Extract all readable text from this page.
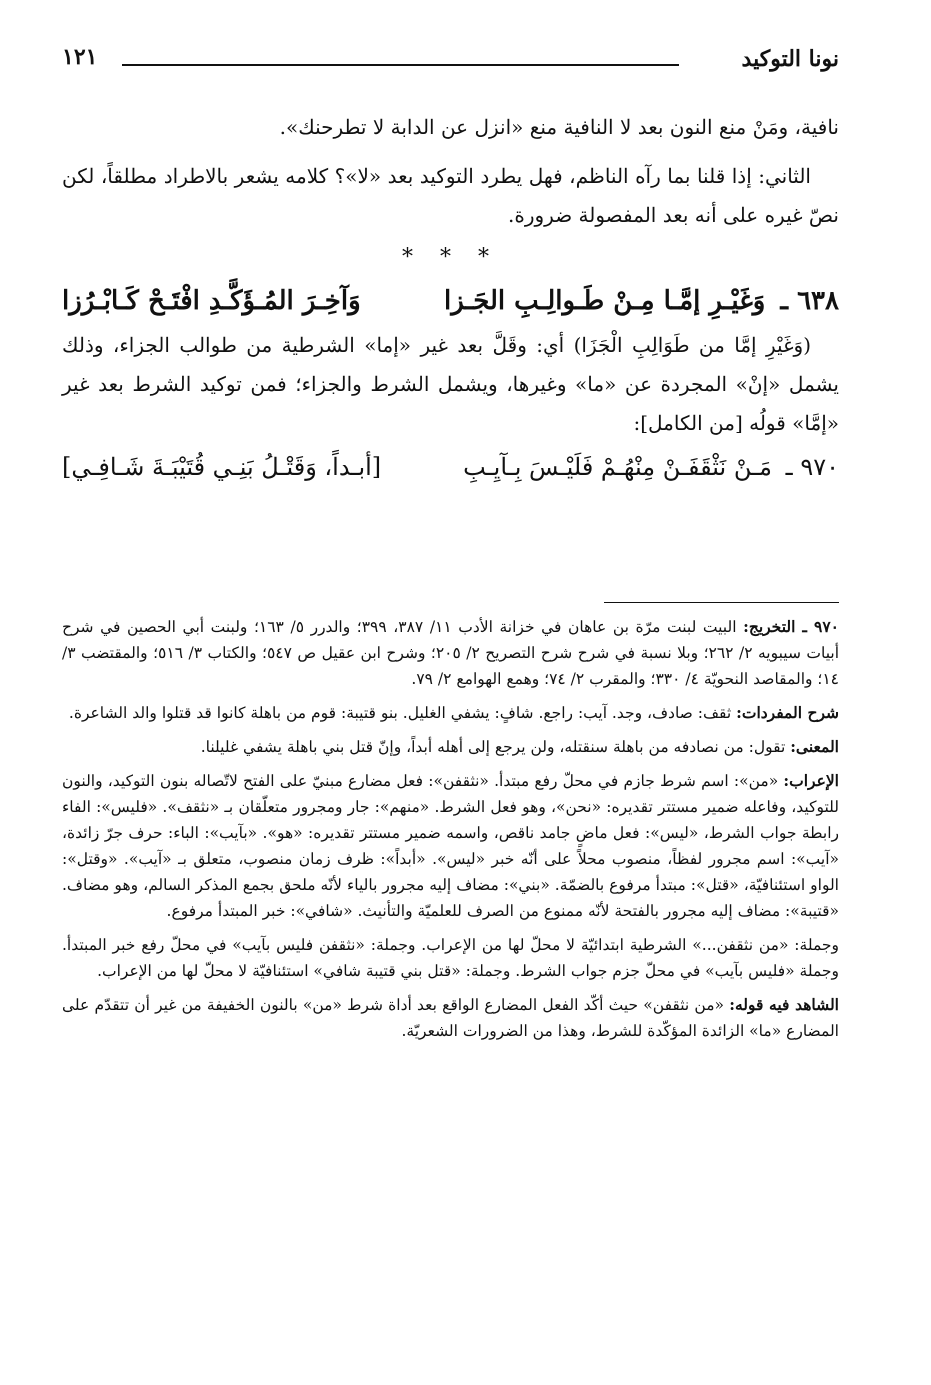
نونا التوكيد
١٢١

نافية، ومَنْ منع النون بعد لا النافية منع «انزل عن الدابة لا تطرحنك».

الثاني: إذا قلنا بما رآه الناظم، فهل يطرد التوكيد بعد «لا»؟ كلامه يشعر بالاطراد مطلقاً، لكن نصّ غيره على أنه بعد المفصولة ضرورة.

* * *
٦٣٨ ـ وَغَيْـرِ إمَّـا مِـنْ طَـوالِـبِ الجَـزا
وَآخِـرَ المُـؤَكَّـدِ افْتَـحْ كَـابْـرُزا

(وَغَيْرِ إمَّا من طَوَالِبِ الْجَزَا) أي: وقَلَّ بعد غير «إما» الشرطية من طوالب الجزاء، وذلك يشمل «إنْ» المجردة عن «ما» وغيرها، ويشمل الشرط والجزاء؛ فمن توكيد الشرط بعد غير «إمَّا» قولُه [من الكامل]:

٩٧٠ ـ مَـنْ نَثْقَفَـنْ مِنْهُـمْ فَلَيْـسَ بِـآيِـبِ
[أبـداً، وَقَتْـلُ بَنِـي قُتَيْبَـةَ شَـافِـي]

٩٧٠ ـ التخريج: البيت لبنت مرّة بن عاهان في خزانة الأدب ١١/ ٣٨٧، ٣٩٩؛ والدرر ٥/ ١٦٣؛ ولبنت أبي الحصين في شرح أبيات سيبويه ٢/ ٢٦٢؛ وبلا نسبة في شرح شرح التصريح ٢/ ٢٠٥؛ وشرح ابن عقيل ص ٥٤٧؛ والكتاب ٣/ ٥١٦؛ والمقتضب ٣/ ١٤؛ والمقاصد النحويّة ٤/ ٣٣٠؛ والمقرب ٢/ ٧٤؛ وهمع الهوامع ٢/ ٧٩.

شرح المفردات: ثقف: صادف، وجد. آيب: راجع. شافٍ: يشفي الغليل. بنو قتيبة: قوم من باهلة كانوا قد قتلوا والد الشاعرة.

المعنى: تقول: من نصادفه من باهلة سنقتله، ولن يرجع إلى أهله أبداً، وإنّ قتل بني باهلة يشفي غليلنا.

الإعراب: «من»: اسم شرط جازم في محلّ رفع مبتدأ. «نثقفن»: فعل مضارع مبنيّ على الفتح لاتّصاله بنون التوكيد، والنون للتوكيد، وفاعله ضمير مستتر تقديره: «نحن»، وهو فعل الشرط. «منهم»: جار ومجرور متعلّقان بـ «نثقف». «فليس»: الفاء رابطة جواب الشرط، «ليس»: فعل ماضٍ جامد ناقص، واسمه ضمير مستتر تقديره: «هو». «بآيب»: الباء: حرف جرّ زائدة، «آيب»: اسم مجرور لفظاً، منصوب محلاً على أنّه خبر «ليس». «أبداً»: ظرف زمان منصوب، متعلق بـ «آيب». «وقتل»: الواو استئنافيّة، «قتل»: مبتدأ مرفوع بالضمّة. «بني»: مضاف إليه مجرور بالياء لأنّه ملحق بجمع المذكر السالم، وهو مضاف. «قتيبة»: مضاف إليه مجرور بالفتحة لأنّه ممنوع من الصرف للعلميّة والتأنيث. «شافي»: خبر المبتدأ مرفوع.

وجملة: «من نثقفن...» الشرطية ابتدائيّة لا محلّ لها من الإعراب. وجملة: «نثقفن فليس بآيب» في محلّ رفع خبر المبتدأ. وجملة «فليس بآيب» في محلّ جزم جواب الشرط. وجملة: «قتل بني قتيبة شافي» استئنافيّة لا محلّ لها من الإعراب.

الشاهد فيه قوله: «من نثقفن» حيث أكّد الفعل المضارع الواقع بعد أداة شرط «من» بالنون الخفيفة من غير أن تتقدّم على المضارع «ما» الزائدة المؤكّدة للشرط، وهذا من الضرورات الشعريّة.
